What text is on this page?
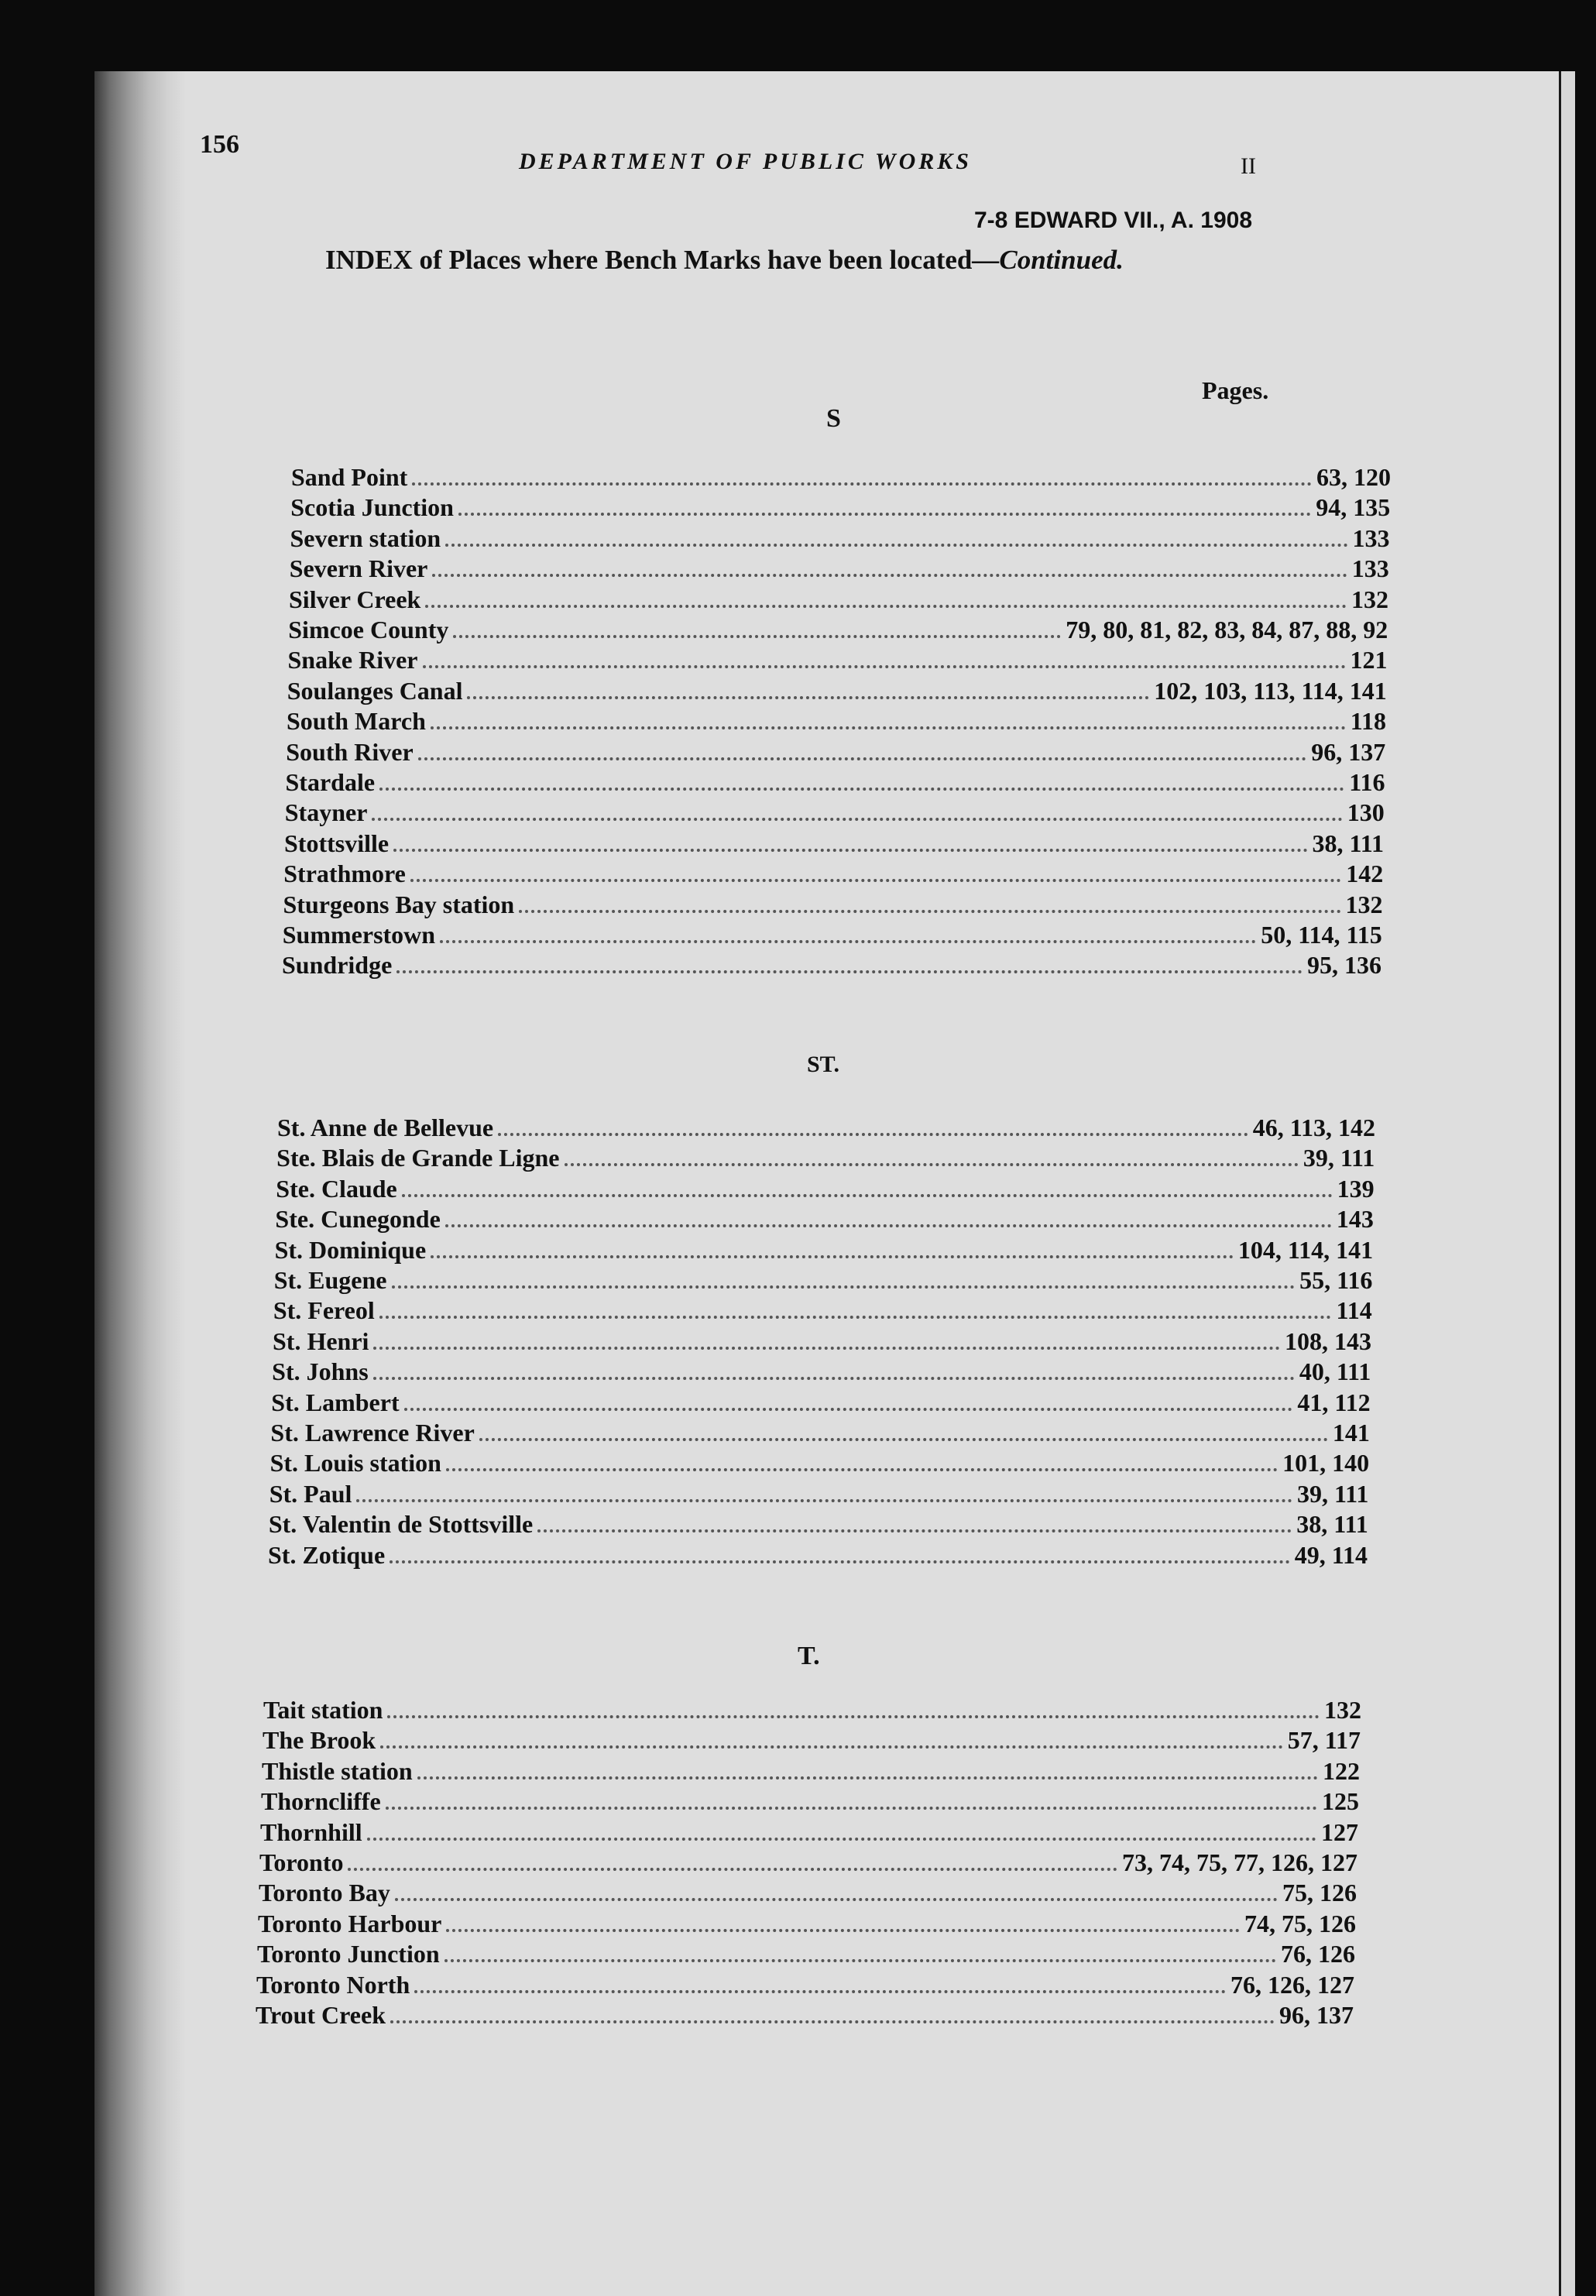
156
DEPARTMENT OF PUBLIC WORKS	II
7-8 EDWARD VII., A. 1908
INDEX of Places where Bench Marks have been located—Continued.
Pages.
S
ST.
T.
Sand Point	63, 120
Scotia Junction	94, 135
Severn station	133
Severn River	133
Silver Creek	132
Simcoe County	79, 80, 81, 82, 83, 84, 87, 88, 92
Snake River	121
Soulanges Canal	102, 103, 113, 114, 141
South March	118
South River	96, 137
Stardale	116
Stayner	130
Stottsville	38, 111
Strathmore	142
Sturgeons Bay station	132
Summerstown	50, 114, 115
Sundridge	95, 136
St. Anne de Bellevue	46, 113, 142
Ste. Blais de Grande Ligne	39, 111
Ste. Claude	139
Ste. Cunegonde	143
St. Dominique	104, 114, 141
St. Eugene	55, 116
St. Fereol	114
St. Henri	108, 143
St. Johns	40, 111
St. Lambert	41, 112
St. Lawrence River	141
St. Louis station	101, 140
St. Paul	39, 111
St. Valentin de Stottsville	38, 111
St. Zotique	49, 114
Tait station	132
The Brook	57, 117
Thistle station	122
Thorncliffe	125
Thornhill	127
Toronto	73, 74, 75, 77, 126, 127
Toronto Bay	75, 126
Toronto Harbour	74, 75, 126
Toronto Junction	76, 126
Toronto North	76, 126, 127
Trout Creek	96, 137
